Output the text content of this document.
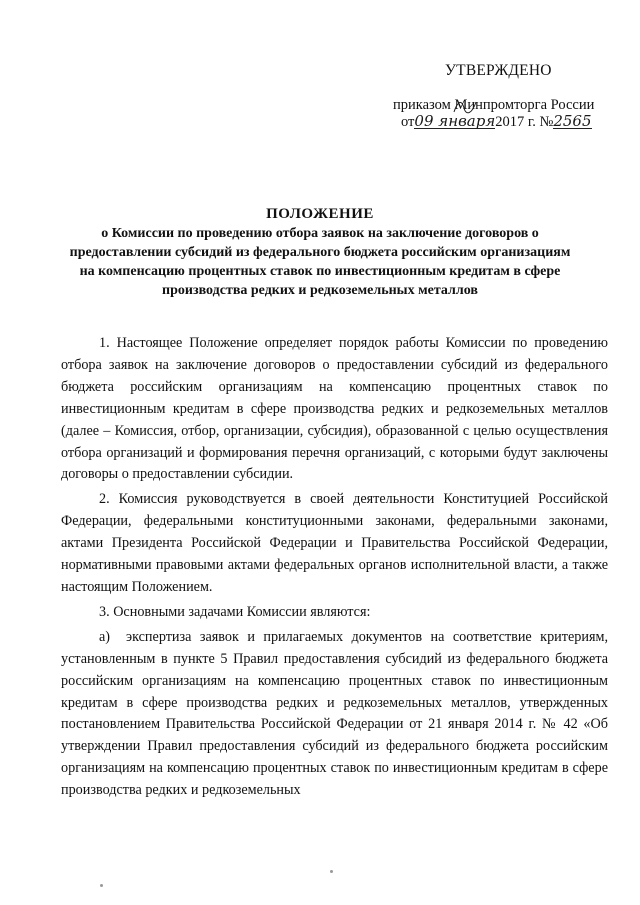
УТВЕРЖДЕНО
приказом Минпромторга России
от09 января2017 г. №2565
ПОЛОЖЕНИЕ
о Комиссии по проведению отбора заявок на заключение договоров о
предоставлении субсидий из федерального бюджета российским организациям
на компенсацию процентных ставок по инвестиционным кредитам в сфере
производства редких и редкоземельных металлов

1. Настоящее Положение определяет порядок работы Комиссии по проведению отбора заявок на заключение договоров о предоставлении субсидий из федерального бюджета российским организациям на компенсацию процентных ставок по инвестиционным кредитам в сфере производства редких и редкоземельных металлов (далее – Комиссия, отбор, организации, субсидия), образованной с целью осуществления отбора организаций и формирования перечня организаций, с которыми будут заключены договоры о предоставлении субсидии.

2. Комиссия руководствуется в своей деятельности Конституцией Российской Федерации, федеральными конституционными законами, федеральными законами, актами Президента Российской Федерации и Правительства Российской Федерации, нормативными правовыми актами федеральных органов исполнительной власти, а также настоящим Положением.

3. Основными задачами Комиссии являются:

а) экспертиза заявок и прилагаемых документов на соответствие критериям, установленным в пункте 5 Правил предоставления субсидий из федерального бюджета российским организациям на компенсацию процентных ставок по инвестиционным кредитам в сфере производства редких и редкоземельных металлов, утвержденных постановлением Правительства Российской Федерации от 21 января 2014 г. № 42 «Об утверждении Правил предоставления субсидий из федерального бюджета российским организациям на компенсацию процентных ставок по инвестиционным кредитам в сфере производства редких и редкоземельных
